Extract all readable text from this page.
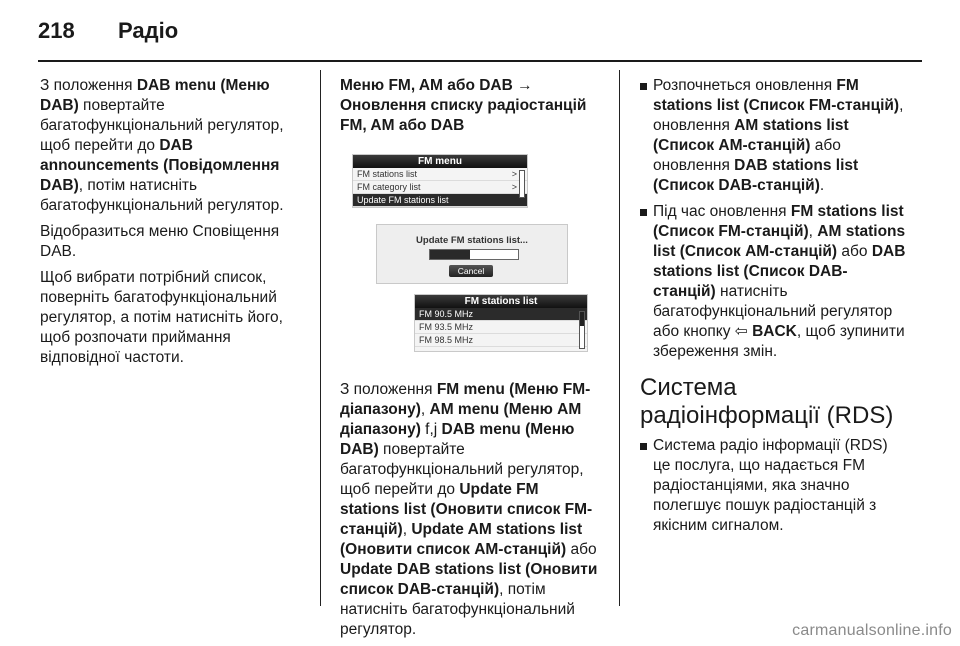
218 Радіо

З положення DAB menu (Меню DAB) повертайте багатофункціональний регулятор, щоб перейти до DAB announcements (Повідомлення DAB), потім натисніть багатофункціональний регулятор.

Відобразиться меню Сповіщення DAB.

Щоб вибрати потрібний список, поверніть багатофункціональний регулятор, а потім натисніть його, щоб розпочати приймання відповідної частоти.

Меню FM, AM або DAB → Оновлення списку радіостанцій FM, AM або DAB

FM menu
FM stations list	>
FM category list	>
Update FM stations list
Update FM stations list...
Cancel
FM stations list
FM 90.5 MHz
FM 93.5 MHz
FM 98.5 MHz

З положення FM menu (Меню FM-діапазону), AM menu (Меню AM діапазону) f,j DAB menu (Меню DAB) повертайте багатофункціональний регулятор, щоб перейти до Update FM stations list (Оновити список FM-станцій), Update AM stations list (Оновити список AM-станцій) або Update DAB stations list (Оновити список DAB-станцій), потім натисніть багатофункціональний регулятор.

Розпочнеться оновлення FM stations list (Список FM-станцій), оновлення AM stations list (Список AM-станцій) або оновлення DAB stations list (Список DAB-станцій).

Під час оновлення FM stations list (Список FM-станцій), AM stations list (Список AM-станцій) або DAB stations list (Список DAB-станцій) натисніть багатофункціональний регулятор або кнопку ⇦ BACK, щоб зупинити збереження змін.

Система радіоінформації (RDS)

Система радіо інформації (RDS) це послуга, що надається FM радіостанціями, яка значно полегшує пошук радіостанцій з якісним сигналом.

carmanualsonline.info
